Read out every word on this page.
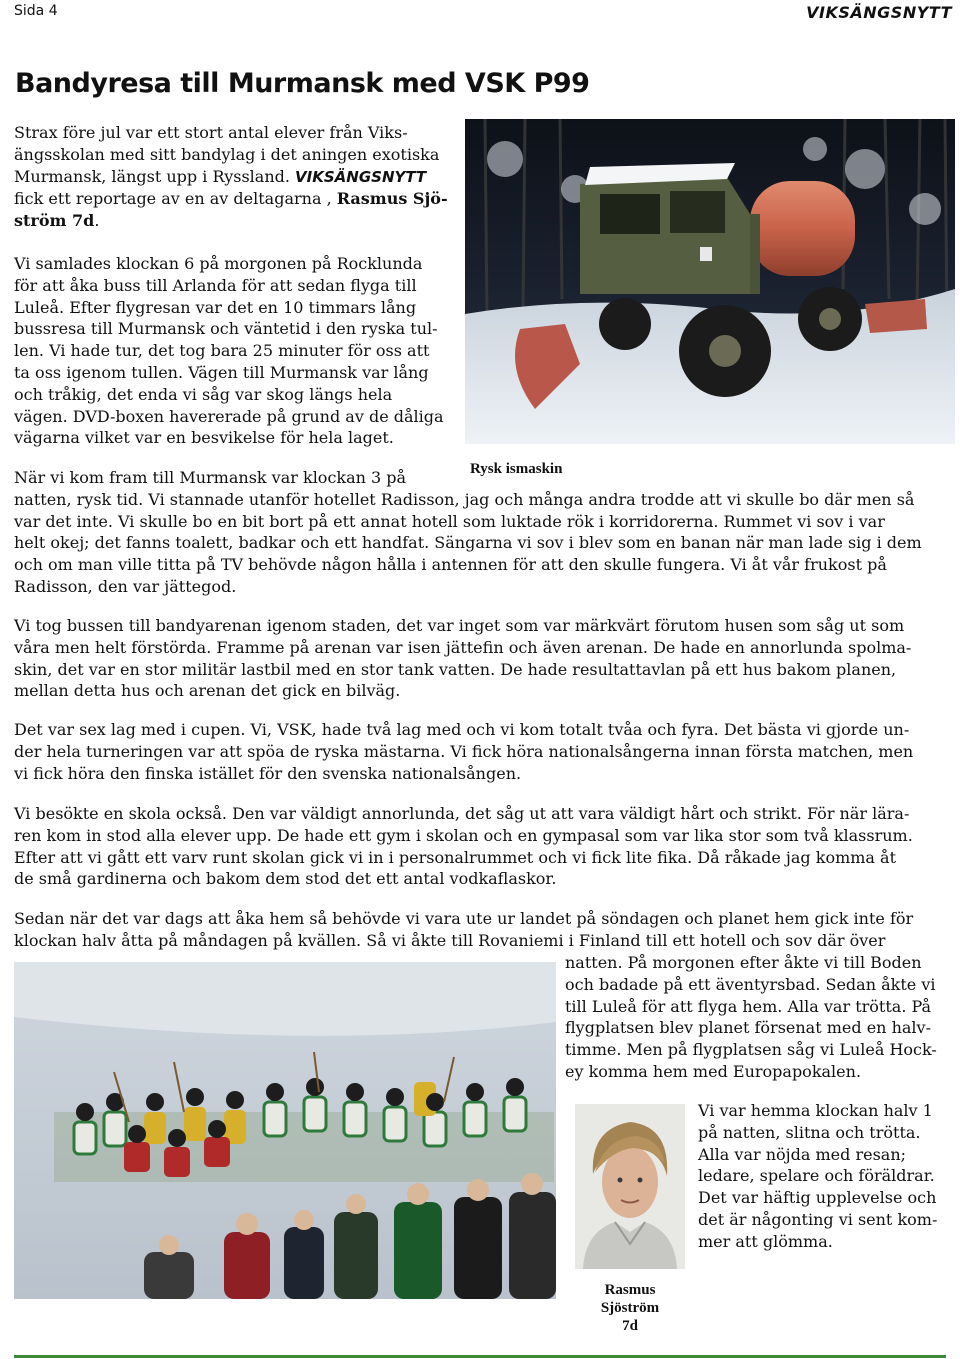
Sida 4	VIKSÄNGSNYTT
Bandyresa till Murmansk med VSK P99

Strax före jul var ett stort antal elever från Viks-

ängsskolan med sitt bandylag i det aningen exotiska

Murmansk, längst upp i Ryssland. VIKSÄNGSNYTT

fick ett reportage av en av deltagarna , Rasmus Sjö-

ström 7d.

Vi samlades klockan 6 på morgonen på Rocklunda

för att åka buss till Arlanda för att sedan flyga till

Luleå. Efter flygresan var det en 10 timmars lång

bussresa till Murmansk och väntetid i den ryska tul-

len. Vi hade tur, det tog bara 25 minuter för oss att

ta oss igenom tullen. Vägen till Murmansk var lång

och tråkig, det enda vi såg var skog längs hela

vägen. DVD-boxen havererade på grund av de dåliga

vägarna vilket var en besvikelse för hela laget.

Rysk ismaskin

När vi kom fram till Murmansk var klockan 3 på

natten, rysk tid. Vi stannade utanför hotellet Radisson, jag och många andra trodde att vi skulle bo där men så

var det inte. Vi skulle bo en bit bort på ett annat hotell som luktade rök i korridorerna. Rummet vi sov i var

helt okej; det fanns toalett, badkar och ett handfat. Sängarna vi sov i blev som en banan när man lade sig i dem

och om man ville titta på TV behövde någon hålla i antennen för att den skulle fungera. Vi åt vår frukost på

Radisson, den var jättegod.

Vi tog bussen till bandyarenan igenom staden, det var inget som var märkvärt förutom husen som såg ut som

våra men helt förstörda. Framme på arenan var isen jättefin och även arenan. De hade en annorlunda spolma-

skin, det var en stor militär lastbil med en stor tank vatten. De hade resultattavlan på ett hus bakom planen,

mellan detta hus och arenan det gick en bilväg.

Det var sex lag med i cupen. Vi, VSK, hade två lag med och vi kom totalt tvåa och fyra. Det bästa vi gjorde un-

der hela turneringen var att spöa de ryska mästarna. Vi fick höra nationalsångerna innan första matchen, men

vi fick höra den finska istället för den svenska nationalsången.

Vi besökte en skola också. Den var väldigt annorlunda, det såg ut att vara väldigt hårt och strikt. För när lära-

ren kom in stod alla elever upp. De hade ett gym i skolan och en gympasal som var lika stor som två klassrum.

Efter att vi gått ett varv runt skolan gick vi in i personalrummet och vi fick lite fika. Då råkade jag komma åt

de små gardinerna och bakom dem stod det ett antal vodkaflaskor.

Sedan när det var dags att åka hem så behövde vi vara ute ur landet på söndagen och planet hem gick inte för

klockan halv åtta på måndagen på kvällen. Så vi åkte till Rovaniemi i Finland till ett hotell och sov där över

natten. På morgonen efter åkte vi till Boden

och badade på ett äventyrsbad. Sedan åkte vi

till Luleå för att flyga hem. Alla var trötta. På

flygplatsen blev planet försenat med en halv-

timme. Men på flygplatsen såg vi Luleå Hock-

ey komma hem med Europapokalen.

Rasmus Sjöström
7d

Vi var hemma klockan halv 1

på natten, slitna och trötta.

Alla var nöjda med resan;

ledare, spelare och föräldrar.

Det var häftig upplevelse och

det är någonting vi sent kom-

mer att glömma.
